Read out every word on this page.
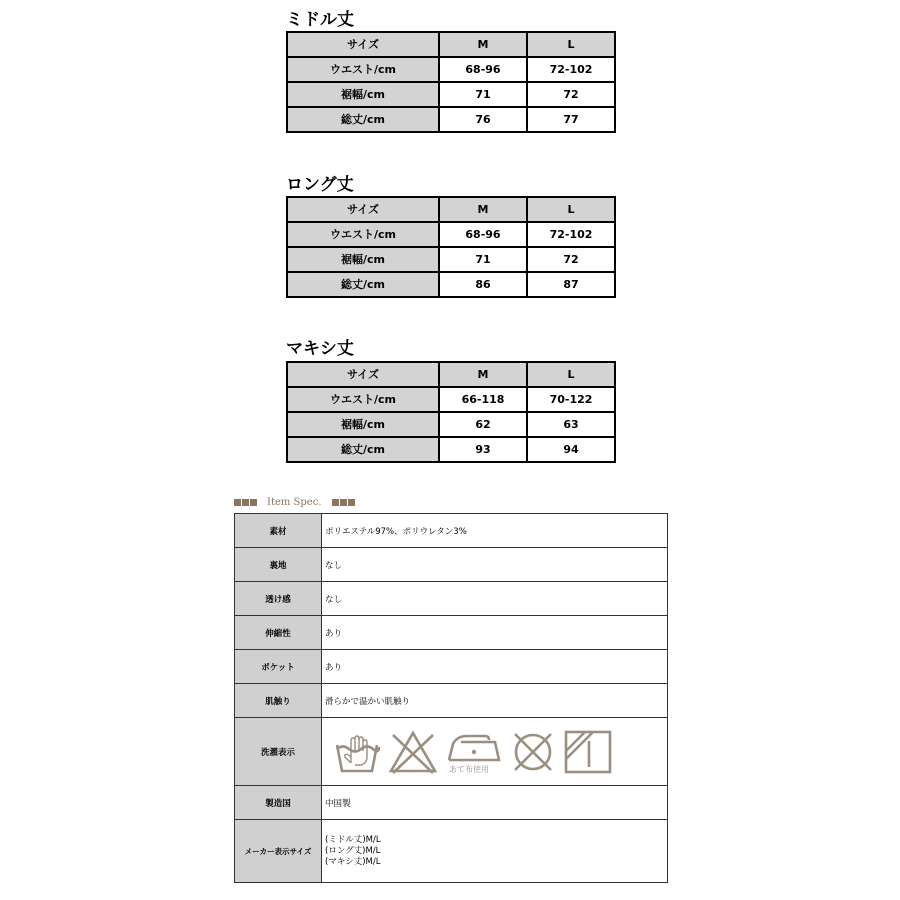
ミドル丈
サイズ	M	L
ウエスト/cm	68-96	72-102
裾幅/cm	71	72
総丈/cm	76	77
ロング丈
サイズ	M	L
ウエスト/cm	68-96	72-102
裾幅/cm	71	72
総丈/cm	86	87
マキシ丈
サイズ	M	L
ウエスト/cm	66-118	70-122
裾幅/cm	62	63
総丈/cm	93	94
Item Spec.
素材	ポリエステル97%、ポリウレタン3%
裏地	なし
透け感	なし
伸縮性	あり
ポケット	あり
肌触り	滑らかで温かい肌触り
洗濯表示	あて布使用

製造国	中国製
メーカー表示サイズ	(ミドル丈)M/L
(ロング丈)M/L
(マキシ丈)M/L
